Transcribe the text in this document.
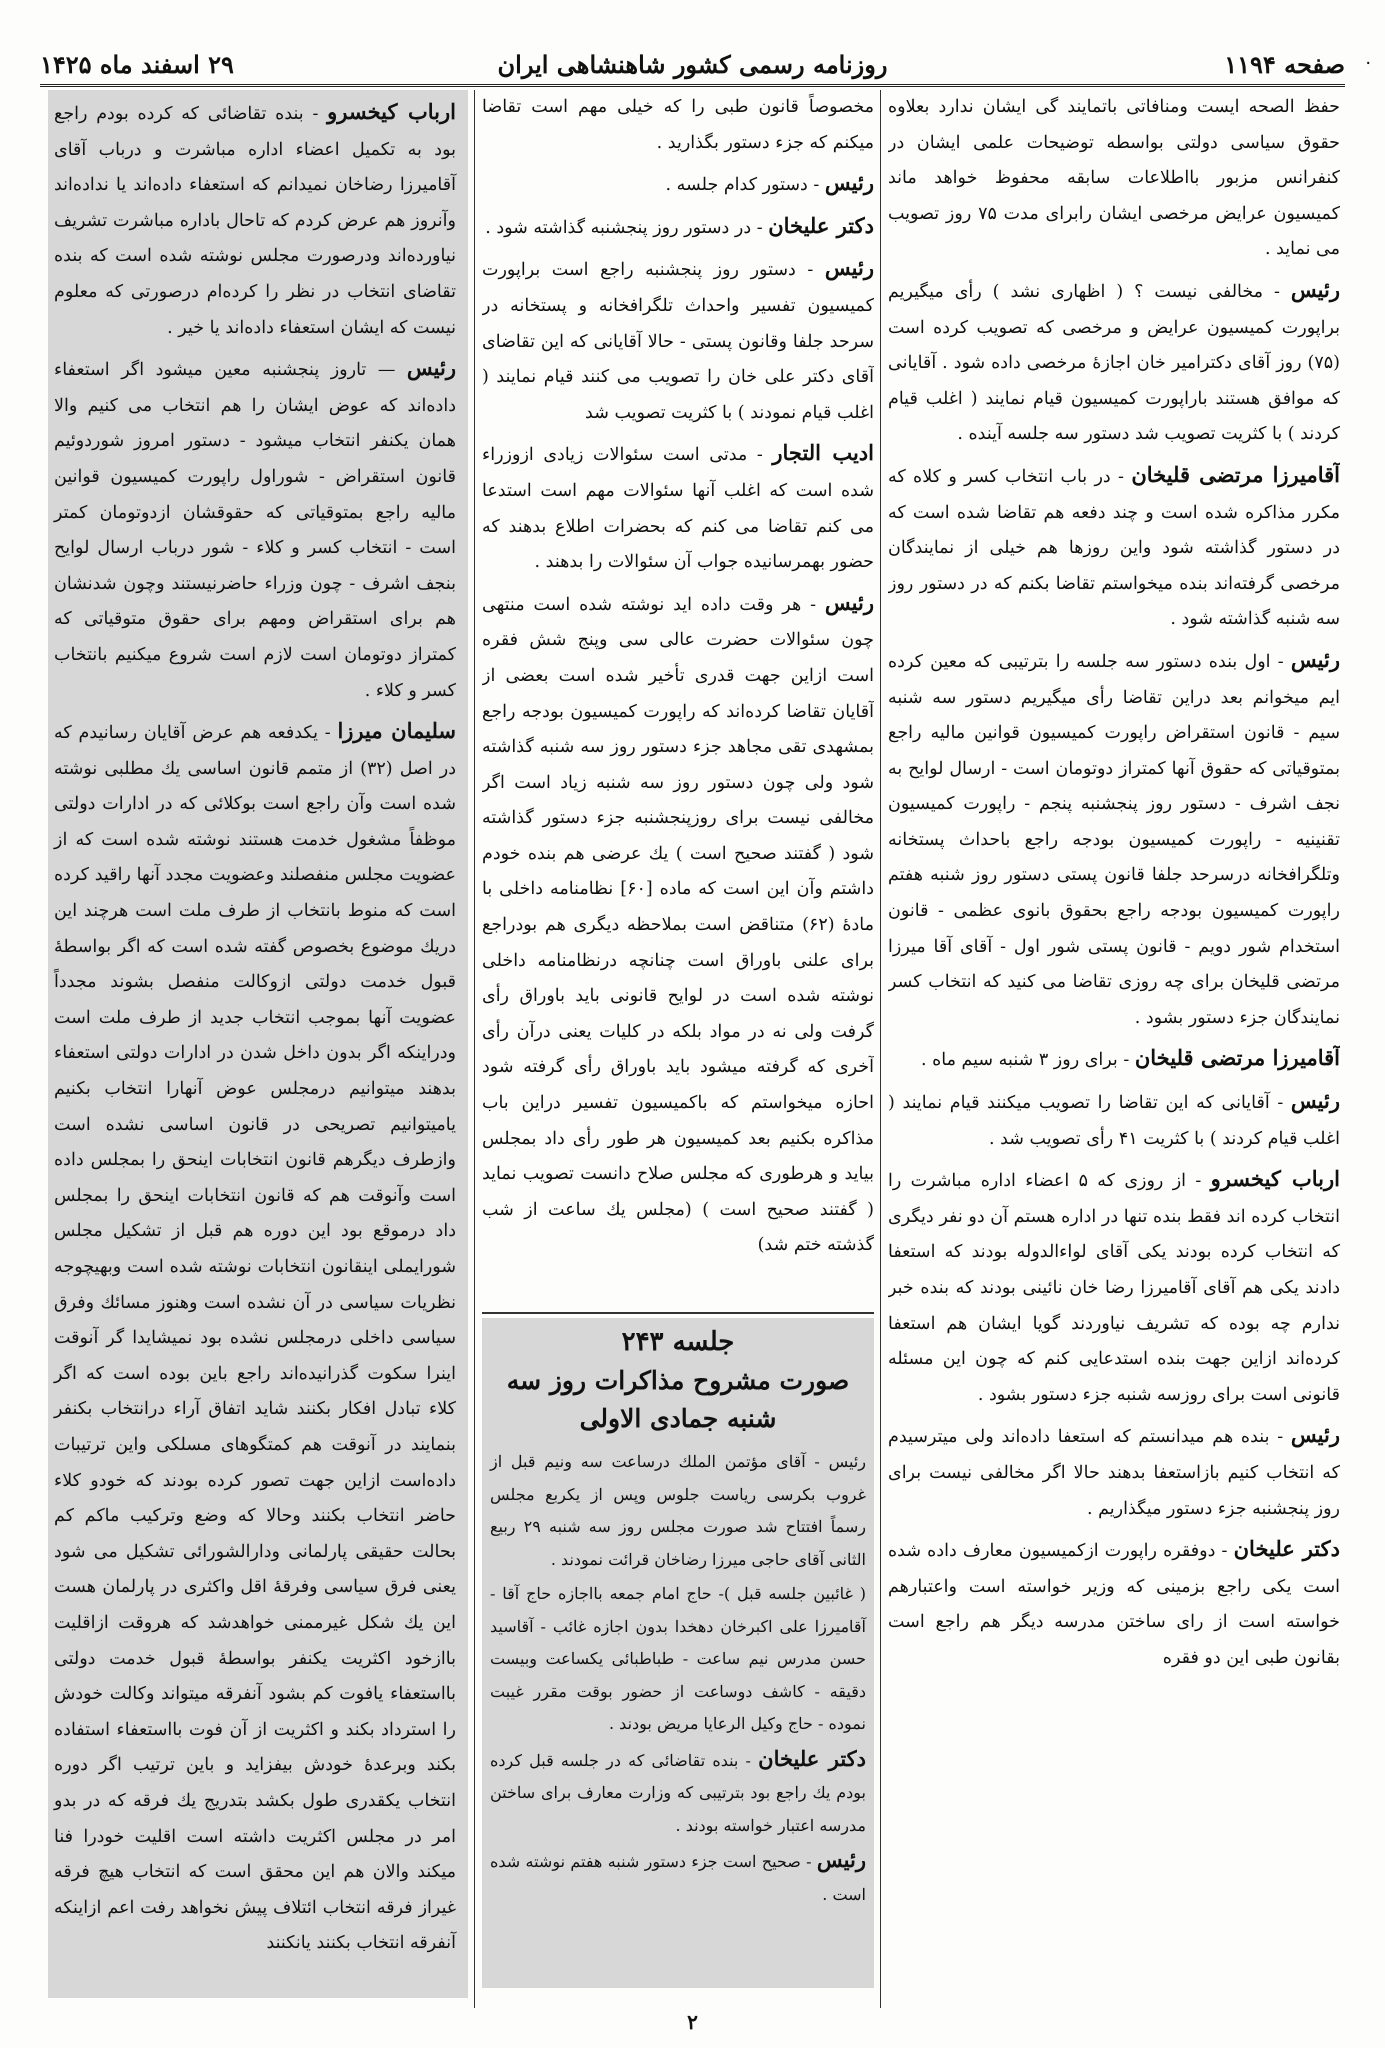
صفحه ۱۱۹۴
روزنامه رسمی کشور شاهنشاهی ایران
۲۹ اسفند ماه ۱۴۲۵	۰

حفظ الصحه ایست ومنافاتی باتمایند گی ایشان ندارد بعلاوه حقوق سیاسی دولتی بواسطه توضیحات علمی ایشان در کنفرانس مزبور بااطلاعات سابقه محفوظ خواهد ماند کمیسیون عرایض مرخصی ایشان رابرای مدت ۷۵ روز تصویب می نماید .

رئیس - مخالفی نیست ؟ ( اظهاری نشد ) رأی میگیریم براپورت کمیسیون عرایض و مرخصی که تصویب کرده است (۷۵) روز آقای دکترامیر خان اجازهٔ مرخصی داده شود . آقایانی که موافق هستند باراپورت کمیسیون قیام نمایند ( اغلب قیام کردند ) با کثریت تصویب شد دستور سه جلسه آینده .

آقامیرزا مرتضی قلیخان - در باب انتخاب کسر و کلاه که مکرر مذاکره شده است و چند دفعه هم تقاضا شده است که در دستور گذاشته شود واین روزها هم خیلی از نمایندگان مرخصی گرفته‌اند بنده میخواستم تقاضا بکنم که در دستور روز سه شنبه گذاشته شود .

رئیس - اول بنده دستور سه جلسه را بترتیبی که معین کرده ایم میخوانم بعد دراین تقاضا رأی میگیریم دستور سه شنبه سیم - قانون استقراض راپورت کمیسیون قوانین مالیه راجع بمتوقیاتی که حقوق آنها کمتراز دوتومان است - ارسال لوایح به نجف اشرف - دستور روز پنجشنبه پنجم - راپورت کمیسیون تقنینیه - راپورت کمیسیون بودجه راجع باحداث پستخانه وتلگرافخانه درسرحد جلفا قانون پستی دستور روز شنبه هفتم راپورت کمیسیون بودجه راجع بحقوق بانوی عظمی - قانون استخدام شور دویم - قانون پستی شور اول - آقای آقا میرزا مرتضی قلیخان برای چه روزی تقاضا می کنید که انتخاب کسر نمایندگان جزء دستور بشود .

آقامیرزا مرتضی قلیخان - برای روز ۳ شنبه سیم ماه .

رئیس - آقایانی که این تقاضا را تصویب میکنند قیام نمایند ( اغلب قیام کردند ) با کثریت ۴۱ رأی تصویب شد .

ارباب کیخسرو - از روزی که ۵ اعضاء اداره مباشرت را انتخاب کرده اند فقط بنده تنها در اداره هستم آن دو نفر دیگری که انتخاب کرده بودند یکی آقای لواءالدوله بودند که استعفا دادند یکی هم آقای آقامیرزا رضا خان نائینی بودند که بنده خبر ندارم چه بوده که تشریف نیاوردند گویا ایشان هم استعفا کرده‌اند ازاین جهت بنده استدعایی کنم که چون این مسئله قانونی است برای روزسه شنبه جزء دستور بشود .

رئیس - بنده هم میدانستم که استعفا داده‌اند ولی میترسیدم که انتخاب کنیم بازاستعفا بدهند حالا اگر مخالفی نیست برای روز پنجشنبه جزء دستور میگذاریم .

دکتر علیخان - دوفقره راپورت ازکمیسیون معارف داده شده است یکی راجع بزمینی که وزیر خواسته است واعتبارهم خواسته است از رای ساختن مدرسه دیگر هم راجع است بقانون طبی این دو فقره

مخصوصاً قانون طبی را که خیلی مهم است تقاضا میکنم که جزء دستور بگذارید .

رئیس - دستور کدام جلسه .

دکتر علیخان - در دستور روز پنجشنبه گذاشته شود .

رئیس - دستور روز پنجشنبه راجع است براپورت کمیسیون تفسیر واحداث تلگرافخانه و پستخانه در سرحد جلفا وقانون پستی - حالا آقایانی که این تقاضای آقای دکتر علی خان را تصویب می کنند قیام نمایند ( اغلب قیام نمودند ) با کثریت تصویب شد

ادیب التجار - مدتی است سئوالات زیادی ازوزراء شده است که اغلب آنها سئوالات مهم است استدعا می کنم تقاضا می کنم که بحضرات اطلاع بدهند که حضور بهمرسانیده جواب آن سئوالات را بدهند .

رئیس - هر وقت داده اید نوشته شده است منتهی چون سئوالات حضرت عالی سی وپنج شش فقره است ازاین جهت قدری تأخیر شده است بعضی از آقایان تقاضا کرده‌اند که راپورت کمیسیون بودجه راجع بمشهدی تقی مجاهد جزء دستور روز سه شنبه گذاشته شود ولی چون دستور روز سه شنبه زیاد است اگر مخالفی نیست برای روزپنجشنبه جزء دستور گذاشته شود ( گفتند صحیح است ) یك عرضی هم بنده خودم داشتم وآن این است که ماده [۶۰] نظامنامه داخلی با مادهٔ (۶۲) متناقض است بملاحظه دیگری هم بودراجع برای علنی باوراق است چنانچه درنظامنامه داخلی نوشته شده است در لوایح قانونی باید باوراق رأی گرفت ولی نه در مواد بلکه در کلیات یعنی درآن رأی آخری که گرفته میشود باید باوراق رأی گرفته شود احازه میخواستم که باکمیسیون تفسیر دراین باب مذاکره بکنیم بعد کمیسیون هر طور رأی داد بمجلس بیاید و هرطوری که مجلس صلاح دانست تصویب نماید ( گفتند صحیح است ) (مجلس یك ساعت از شب گذشته ختم شد)

جلسه ۲۴۳
صورت مشروح مذاکرات روز سه شنبه جمادی الاولی

رئیس - آقای مؤتمن الملك درساعت سه ونیم قبل از غروب بکرسی ریاست جلوس وپس از یکربع مجلس رسماً افتتاح شد صورت مجلس روز سه شنبه ۲۹ ربیع الثانی آقای حاجی میرزا رضاخان قرائت نمودند .

( غائبین جلسه قبل )- حاج امام جمعه بااجازه حاج آقا - آقامیرزا علی اکبرخان دهخدا بدون اجازه غائب - آقاسید حسن مدرس نیم ساعت - طباطبائی یکساعت وبیست دقیقه - کاشف دوساعت از حضور بوقت مقرر غیبت نموده - حاج وکیل الرعایا مریض بودند .

دکتر علیخان - بنده تقاضائی که در جلسه قبل کرده بودم یك راجع بود بترتیبی که وزارت معارف برای ساختن مدرسه اعتبار خواسته بودند .

رئیس - صحیح است جزء دستور شنبه هفتم نوشته شده است .

ارباب کیخسرو - بنده تقاضائی که کرده بودم راجع بود به تکمیل اعضاء اداره مباشرت و درباب آقای آقامیرزا رضاخان نمیدانم که استعفاء داده‌اند یا نداده‌اند وآنروز هم عرض کردم که تاحال باداره مباشرت تشریف نیاورده‌اند ودرصورت مجلس نوشته شده است که بنده تقاضای انتخاب در نظر را کرده‌ام درصورتی که معلوم نیست که ایشان استعفاء داده‌اند یا خیر .

رئیس — تاروز پنجشنبه معین میشود اگر استعفاء داده‌اند که عوض ایشان را هم انتخاب می کنیم والا همان یکنفر انتخاب میشود - دستور امروز شوردوئیم قانون استقراض - شوراول راپورت کمیسیون قوانین مالیه راجع بمتوقیاتی که حقوقشان ازدوتومان کمتر است - انتخاب کسر و کلاء - شور درباب ارسال لوایح بنجف اشرف - چون وزراء حاضرنیستند وچون شدنشان هم برای استقراض ومهم برای حقوق متوقیاتی که کمتراز دوتومان است لازم است شروع میکنیم بانتخاب کسر و کلاء .

سلیمان میرزا - یکدفعه هم عرض آقایان رسانیدم که در اصل (۳۲) از متمم قانون اساسی یك مطلبی نوشته شده است وآن راجع است بوکلائی که در ادارات دولتی موظفاً مشغول خدمت هستند نوشته شده است که از عضویت مجلس منفصلند وعضویت مجدد آنها راقید کرده است که منوط بانتخاب از طرف ملت است هرچند این دریك موضوع بخصوص گفته شده است که اگر بواسطهٔ قبول خدمت دولتی ازوکالت منفصل بشوند مجدداً عضویت آنها بموجب انتخاب جدید از طرف ملت است ودراینکه اگر بدون داخل شدن در ادارات دولتی استعفاء بدهند میتوانیم درمجلس عوض آنهارا انتخاب بکنیم یامیتوانیم تصریحی در قانون اساسی نشده است وازطرف دیگرهم قانون انتخابات اینحق را بمجلس داده است وآنوقت هم که قانون انتخابات اینحق را بمجلس داد درموقع بود این دوره هم قبل از تشکیل مجلس شورایملی اینقانون انتخابات نوشته شده است وبهیچوجه نظریات سیاسی در آن نشده است وهنوز مسائك وفرق سیاسی داخلی درمجلس نشده بود نمیشایدا گر آنوقت اینرا سکوت گذرانیده‌اند راجع باین بوده است که اگر کلاء تبادل افکار بکنند شاید اتفاق آراء درانتخاب بکنفر بنمایند در آنوقت هم کمتگوهای مسلکی واین ترتیبات داده‌است ازاین جهت تصور کرده بودند که خودو کلاء حاضر انتخاب بکنند وحالا که وضع وترکیب ماکم کم بحالت حقیقی پارلمانی ودارالشورائی تشکیل می شود یعنی فرق سیاسی وفرقهٔ اقل واکثری در پارلمان هست این یك شکل غیرممنی خواهدشد که هروقت ازاقلیت باازخود اکثریت یکنفر بواسطهٔ قبول خدمت دولتی بااستعفاء یافوت کم بشود آنفرقه میتواند وکالت خودش را استرداد بکند و اکثریت از آن فوت بااستعفاء استفاده بکند وبرعدهٔ خودش بیفزاید و باین ترتیب اگر دوره انتخاب یکقدری طول بکشد بتدریج یك فرقه که در بدو امر در مجلس اکثریت داشته است اقلیت خودرا فنا میکند والان هم این محقق است که انتخاب هیچ فرقه غیراز فرقه انتخاب ائتلاف پیش نخواهد رفت اعم ازاینکه آنفرقه انتخاب بکنند یانکنند

۲
